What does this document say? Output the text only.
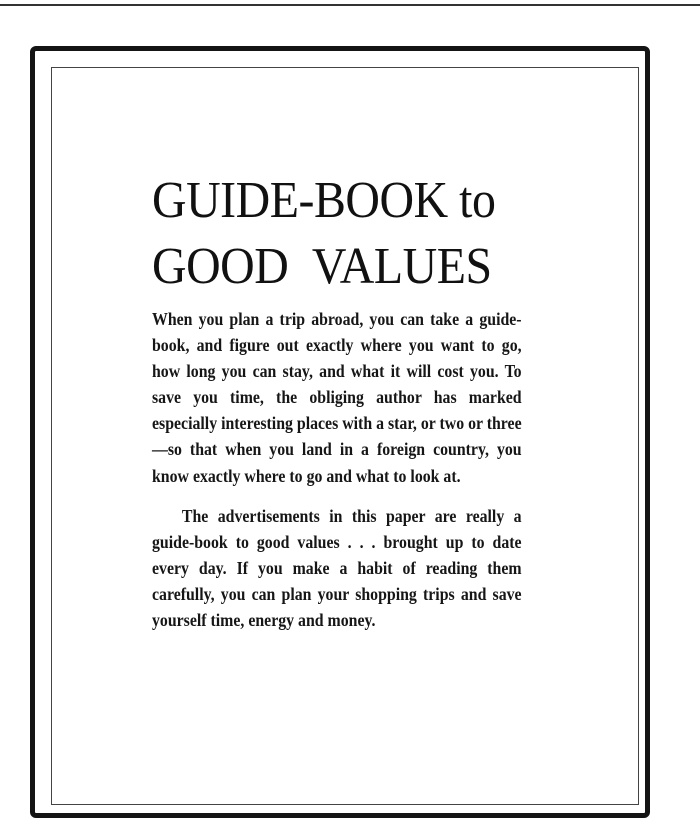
GUIDE-BOOK to
GOOD VALUES

When you plan a trip abroad, you can take a guide-book, and figure out exactly where you want to go, how long you can stay, and what it will cost you. To save you time, the obliging author has marked especially interesting places with a star, or two or three—so that when you land in a foreign country, you know exactly where to go and what to look at.

The advertisements in this paper are really a guide-book to good values . . . brought up to date every day. If you make a habit of reading them carefully, you can plan your shopping trips and save yourself time, energy and money.
